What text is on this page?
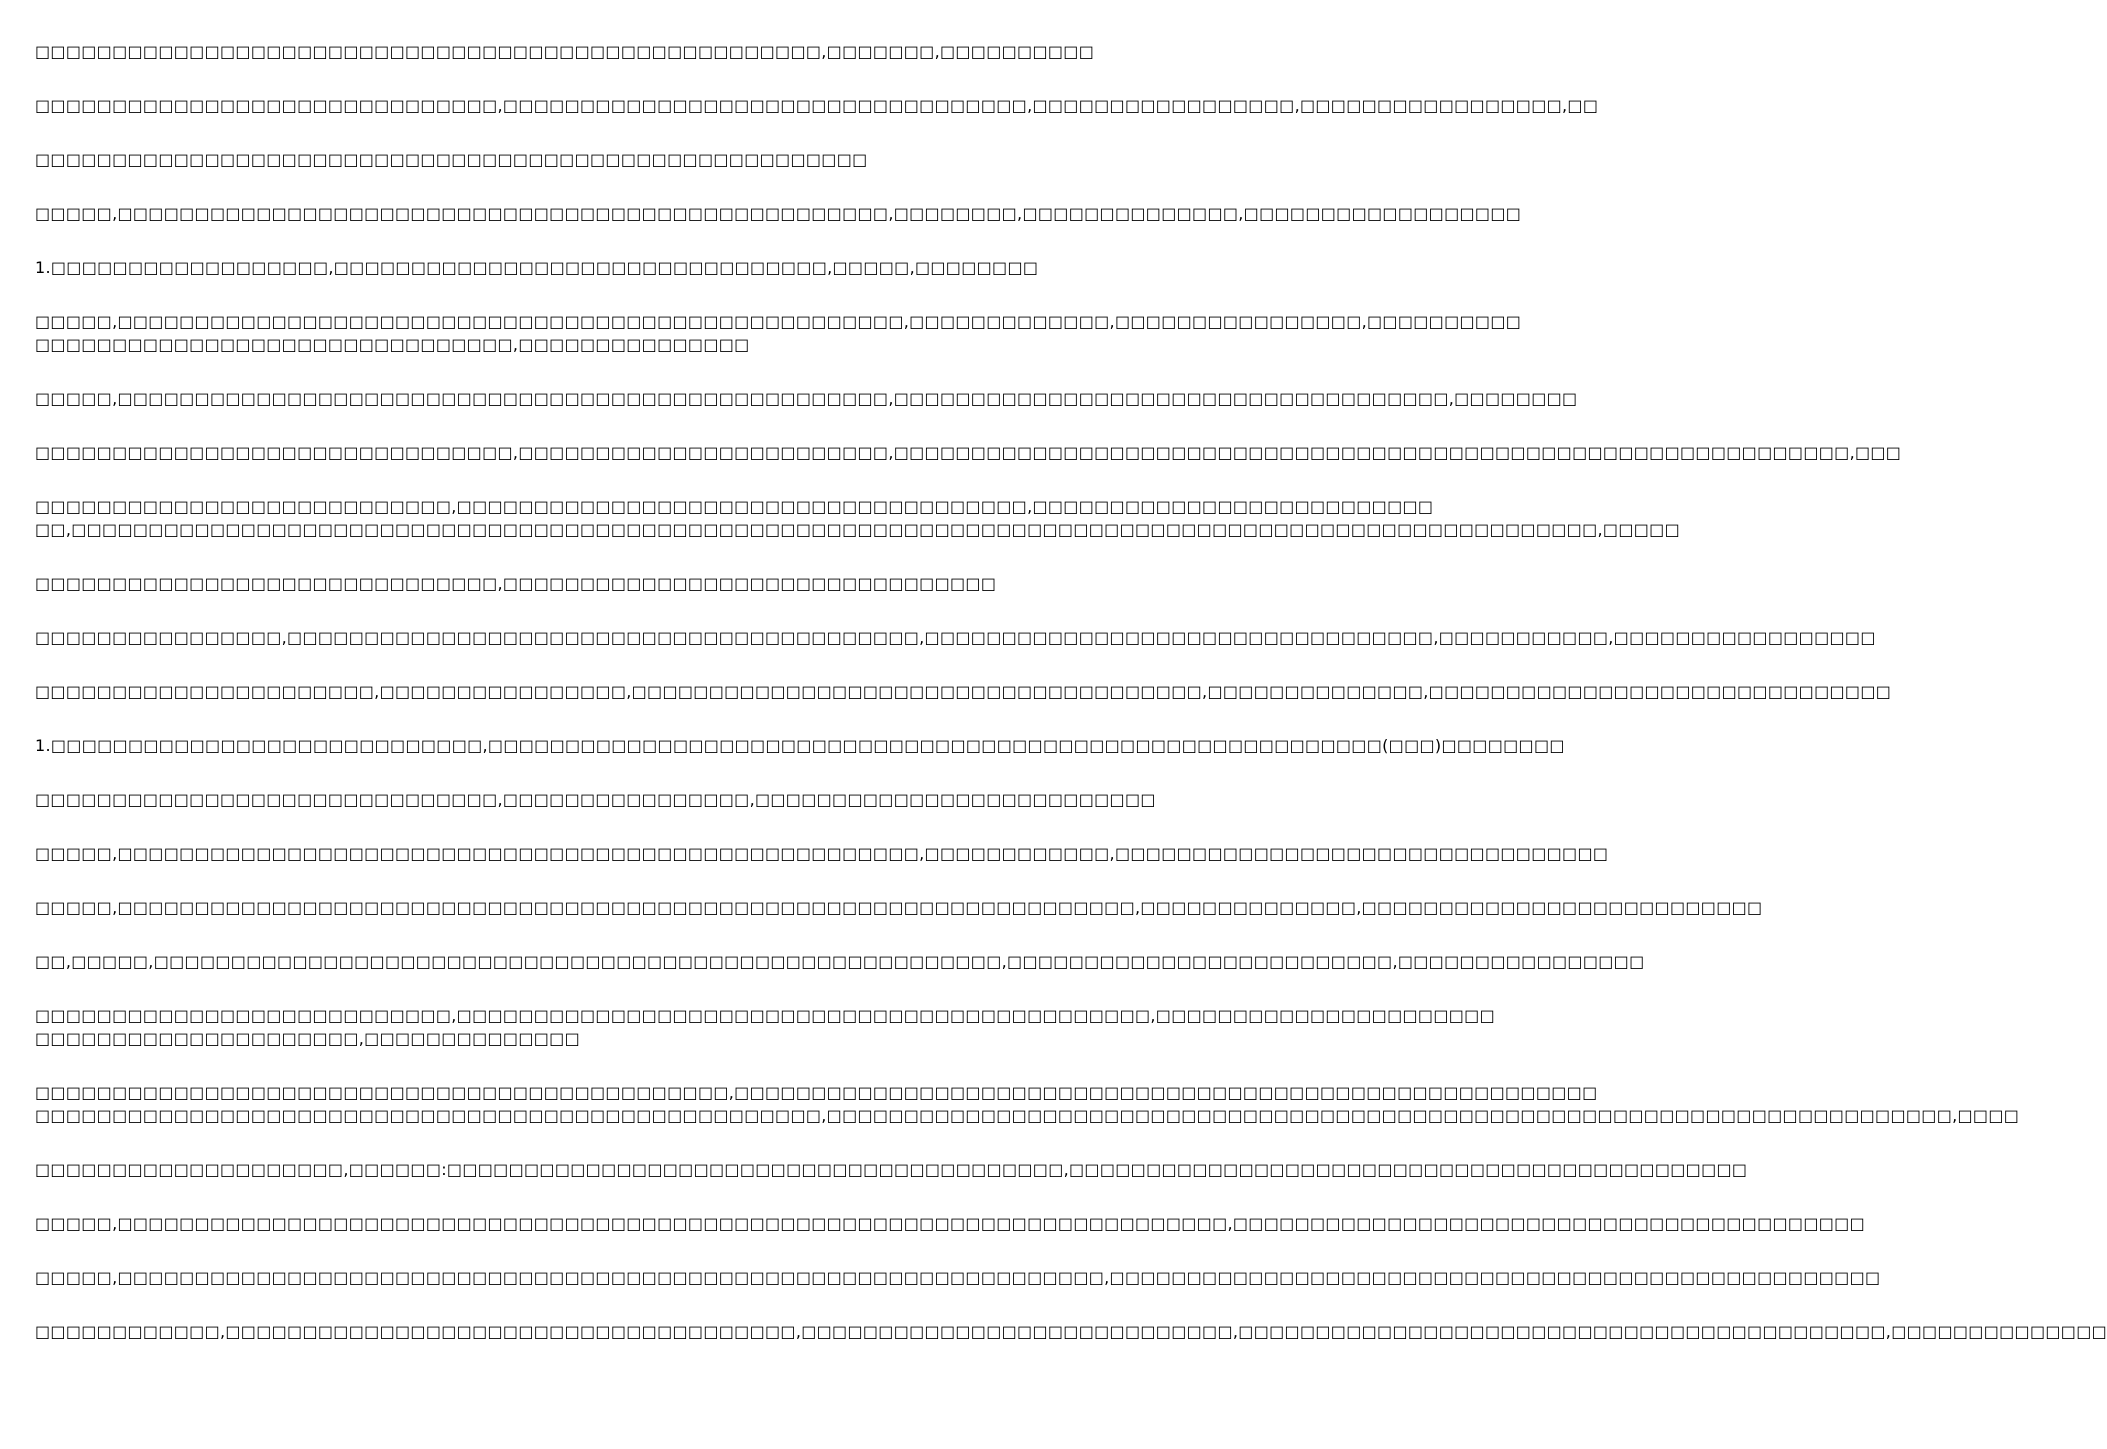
□□□□□□□□□□□□□□□□□□□□□□□□□□□□□□□□□□□□□□□□□□□□□□□□□□□,□□□□□□□,□□□□□□□□□□
□□□□□□□□□□□□□□□□□□□□□□□□□□□□□□,□□□□□□□□□□□□□□□□□□□□□□□□□□□□□□□□□□,□□□□□□□□□□□□□□□□□,□□□□□□□□□□□□□□□□□,□□
□□□□□□□□□□□□□□□□□□□□□□□□□□□□□□□□□□□□□□□□□□□□□□□□□□□□□□
□□□□□,□□□□□□□□□□□□□□□□□□□□□□□□□□□□□□□□□□□□□□□□□□□□□□□□□□,□□□□□□□□,□□□□□□□□□□□□□□,□□□□□□□□□□□□□□□□□□
1.□□□□□□□□□□□□□□□□□□,□□□□□□□□□□□□□□□□□□□□□□□□□□□□□□□□,□□□□□,□□□□□□□□
□□□□□,□□□□□□□□□□□□□□□□□□□□□□□□□□□□□□□□□□□□□□□□□□□□□□□□□□□,□□□□□□□□□□□□□,□□□□□□□□□□□□□□□□,□□□□□□□□□□
□□□□□□□□□□□□□□□□□□□□□□□□□□□□□□□,□□□□□□□□□□□□□□□
□□□□□,□□□□□□□□□□□□□□□□□□□□□□□□□□□□□□□□□□□□□□□□□□□□□□□□□□,□□□□□□□□□□□□□□□□□□□□□□□□□□□□□□□□□□□□,□□□□□□□□
□□□□□□□□□□□□□□□□□□□□□□□□□□□□□□□,□□□□□□□□□□□□□□□□□□□□□□□□,□□□□□□□□□□□□□□□□□□□□□□□□□□□□□□□□□□□□□□□□□□□□□□□□□□□□□□□□□□□□□□,□□□
□□□□□□□□□□□□□□□□□□□□□□□□□□□,□□□□□□□□□□□□□□□□□□□□□□□□□□□□□□□□□□□□□,□□□□□□□□□□□□□□□□□□□□□□□□□□
□□,□□□□□□□□□□□□□□□□□□□□□□□□□□□□□□□□□□□□□□□□□□□□□□□□□□□□□□□□□□□□□□□□□□□□□□□□□□□□□□□□□□□□□□□□□□□□□□□□□□□,□□□□□
□□□□□□□□□□□□□□□□□□□□□□□□□□□□□□,□□□□□□□□□□□□□□□□□□□□□□□□□□□□□□□□
□□□□□□□□□□□□□□□□,□□□□□□□□□□□□□□□□□□□□□□□□□□□□□□□□□□□□□□□□□,□□□□□□□□□□□□□□□□□□□□□□□□□□□□□□□□□,□□□□□□□□□□□,□□□□□□□□□□□□□□□□□
□□□□□□□□□□□□□□□□□□□□□□,□□□□□□□□□□□□□□□□,□□□□□□□□□□□□□□□□□□□□□□□□□□□□□□□□□□□□□,□□□□□□□□□□□□□□,□□□□□□□□□□□□□□□□□□□□□□□□□□□□□□
1.□□□□□□□□□□□□□□□□□□□□□□□□□□□□,□□□□□□□□□□□□□□□□□□□□□□□□□□□□□□□□□□□□□□□□□□□□□□□□□□□□□□□□□□(□□□)□□□□□□□□
□□□□□□□□□□□□□□□□□□□□□□□□□□□□□□,□□□□□□□□□□□□□□□□,□□□□□□□□□□□□□□□□□□□□□□□□□□
□□□□□,□□□□□□□□□□□□□□□□□□□□□□□□□□□□□□□□□□□□□□□□□□□□□□□□□□□□,□□□□□□□□□□□□,□□□□□□□□□□□□□□□□□□□□□□□□□□□□□□□□
□□□□□,□□□□□□□□□□□□□□□□□□□□□□□□□□□□□□□□□□□□□□□□□□□□□□□□□□□□□□□□□□□□□□□□□□,□□□□□□□□□□□□□□,□□□□□□□□□□□□□□□□□□□□□□□□□□
□□,□□□□□,□□□□□□□□□□□□□□□□□□□□□□□□□□□□□□□□□□□□□□□□□□□□□□□□□□□□□□□,□□□□□□□□□□□□□□□□□□□□□□□□□,□□□□□□□□□□□□□□□□
□□□□□□□□□□□□□□□□□□□□□□□□□□□,□□□□□□□□□□□□□□□□□□□□□□□□□□□□□□□□□□□□□□□□□□□□□,□□□□□□□□□□□□□□□□□□□□□□
□□□□□□□□□□□□□□□□□□□□□,□□□□□□□□□□□□□□
□□□□□□□□□□□□□□□□□□□□□□□□□□□□□□□□□□□□□□□□□□□□□,□□□□□□□□□□□□□□□□□□□□□□□□□□□□□□□□□□□□□□□□□□□□□□□□□□□□□□□□
□□□□□□□□□□□□□□□□□□□□□□□□□□□□□□□□□□□□□□□□□□□□□□□□□□□,□□□□□□□□□□□□□□□□□□□□□□□□□□□□□□□□□□□□□□□□□□□□□□□□□□□□□□□□□□□□□□□□□□□□□□□□□,□□□□
□□□□□□□□□□□□□□□□□□□□,□□□□□□:□□□□□□□□□□□□□□□□□□□□□□□□□□□□□□□□□□□□□□□□,□□□□□□□□□□□□□□□□□□□□□□□□□□□□□□□□□□□□□□□□□□□□
□□□□□,□□□□□□□□□□□□□□□□□□□□□□□□□□□□□□□□□□□□□□□□□□□□□□□□□□□□□□□□□□□□□□□□□□□□□□□□,□□□□□□□□□□□□□□□□□□□□□□□□□□□□□□□□□□□□□□□□□
□□□□□,□□□□□□□□□□□□□□□□□□□□□□□□□□□□□□□□□□□□□□□□□□□□□□□□□□□□□□□□□□□□□□□□,□□□□□□□□□□□□□□□□□□□□□□□□□□□□□□□□□□□□□□□□□□□□□□□□□□
□□□□□□□□□□□□,□□□□□□□□□□□□□□□□□□□□□□□□□□□□□□□□□□□□□,□□□□□□□□□□□□□□□□□□□□□□□□□□□□,□□□□□□□□□□□□□□□□□□□□□□□□□□□□□□□□□□□□□□□□□□,□□□□□□□□□□□□□□
